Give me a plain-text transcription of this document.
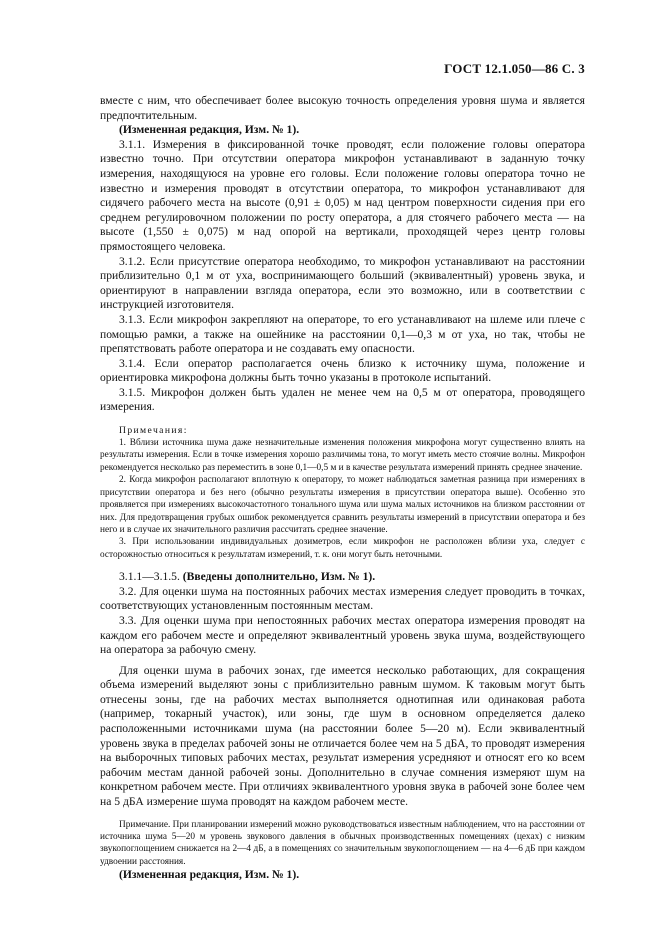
ГОСТ 12.1.050—86 С. 3

вместе с ним, что обеспечивает более высокую точность определения уровня шума и является предпочтительным.

(Измененная редакция, Изм. № 1).

3.1.1. Измерения в фиксированной точке проводят, если положение головы оператора известно точно. При отсутствии оператора микрофон устанавливают в заданную точку измерения, находящуюся на уровне его головы. Если положение головы оператора точно не известно и измерения проводят в отсутствии оператора, то микрофон устанавливают для сидячего рабочего места на высоте (0,91 ± 0,05) м над центром поверхности сидения при его среднем регулировочном положении по росту оператора, а для стоячего рабочего места — на высоте (1,550 ± 0,075) м над опорой на вертикали, проходящей через центр головы прямостоящего человека.

3.1.2. Если присутствие оператора необходимо, то микрофон устанавливают на расстоянии приблизительно 0,1 м от уха, воспринимающего больший (эквивалентный) уровень звука, и ориентируют в направлении взгляда оператора, если это возможно, или в соответствии с инструкцией изготовителя.

3.1.3. Если микрофон закрепляют на операторе, то его устанавливают на шлеме или плече с помощью рамки, а также на ошейнике на расстоянии 0,1—0,3 м от уха, но так, чтобы не препятствовать работе оператора и не создавать ему опасности.

3.1.4. Если оператор располагается очень близко к источнику шума, положение и ориентировка микрофона должны быть точно указаны в протоколе испытаний.

3.1.5. Микрофон должен быть удален не менее чем на 0,5 м от оператора, проводящего измерения.

Примечания:

1. Вблизи источника шума даже незначительные изменения положения микрофона могут существенно влиять на результаты измерения. Если в точке измерения хорошо различимы тона, то могут иметь место стоячие волны. Микрофон рекомендуется несколько раз переместить в зоне 0,1—0,5 м и в качестве результата измерений принять среднее значение.

2. Когда микрофон располагают вплотную к оператору, то может наблюдаться заметная разница при измерениях в присутствии оператора и без него (обычно результаты измерения в присутствии оператора выше). Особенно это проявляется при измерениях высокочастотного тонального шума или шума малых источников на близком расстоянии от них. Для предотвращения грубых ошибок рекомендуется сравнить результаты измерений в присутствии оператора и без него и в случае их значительного различия рассчитать среднее значение.

3. При использовании индивидуальных дозиметров, если микрофон не расположен вблизи уха, следует с осторожностью относиться к результатам измерений, т. к. они могут быть неточными.

3.1.1—3.1.5. (Введены дополнительно, Изм. № 1).

3.2. Для оценки шума на постоянных рабочих местах измерения следует проводить в точках, соответствующих установленным постоянным местам.

3.3. Для оценки шума при непостоянных рабочих местах оператора измерения проводят на каждом его рабочем месте и определяют эквивалентный уровень звука шума, воздействующего на оператора за рабочую смену.

Для оценки шума в рабочих зонах, где имеется несколько работающих, для сокращения объема измерений выделяют зоны с приблизительно равным шумом. К таковым могут быть отнесены зоны, где на рабочих местах выполняется однотипная или одинаковая работа (например, токарный участок), или зоны, где шум в основном определяется далеко расположенными источниками шума (на расстоянии более 5—20 м). Если эквивалентный уровень звука в пределах рабочей зоны не отличается более чем на 5 дБА, то проводят измерения на выборочных типовых рабочих местах, результат измерения усредняют и относят его ко всем рабочим местам данной рабочей зоны. Дополнительно в случае сомнения измеряют шум на конкретном рабочем месте. При отличиях эквивалентного уровня звука в рабочей зоне более чем на 5 дБА измерение шума проводят на каждом рабочем месте.

Примечание. При планировании измерений можно руководствоваться известным наблюдением, что на расстоянии от источника шума 5—20 м уровень звукового давления в обычных производственных помещениях (цехах) с низким звукопоглощением снижается на 2—4 дБ, а в помещениях со значительным звукопоглощением — на 4—6 дБ при каждом удвоении расстояния.

(Измененная редакция, Изм. № 1).
